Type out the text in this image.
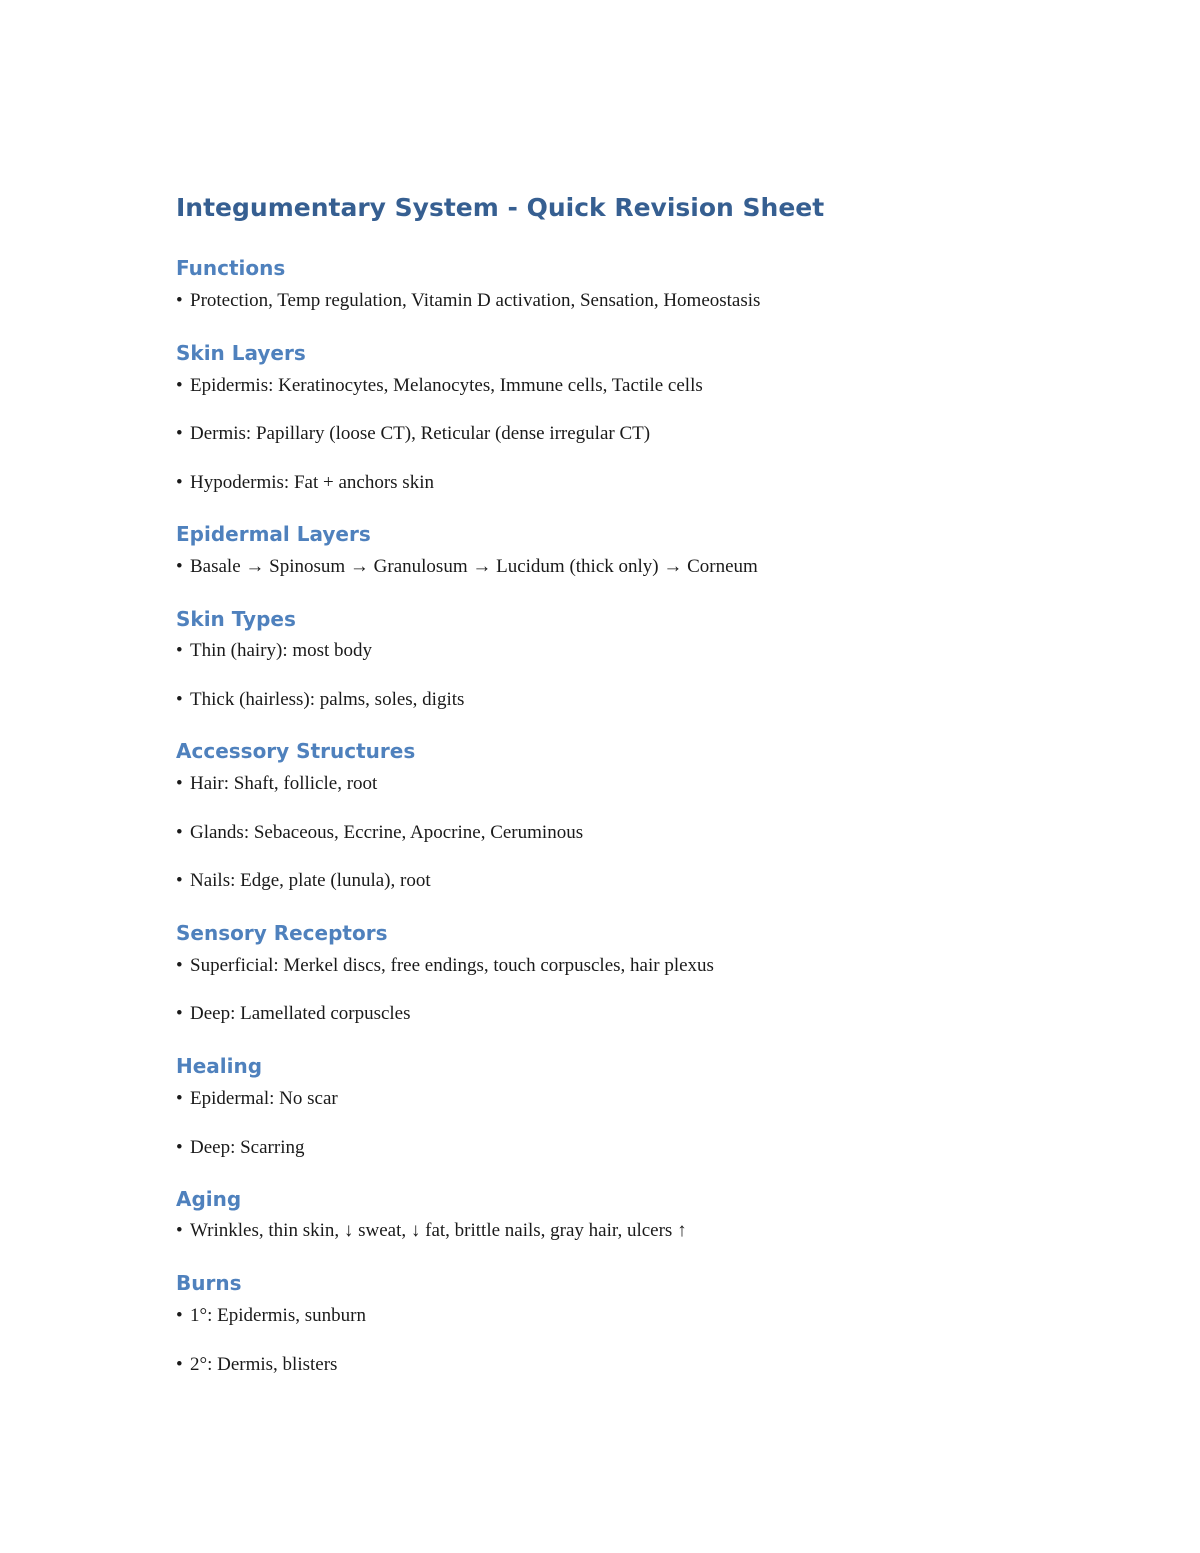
Integumentary System - Quick Revision Sheet
Functions

• Protection, Temp regulation, Vitamin D activation, Sensation, Homeostasis

Skin Layers

• Epidermis: Keratinocytes, Melanocytes, Immune cells, Tactile cells

• Dermis: Papillary (loose CT), Reticular (dense irregular CT)

• Hypodermis: Fat + anchors skin

Epidermal Layers

• Basale → Spinosum → Granulosum → Lucidum (thick only) → Corneum

Skin Types

• Thin (hairy): most body

• Thick (hairless): palms, soles, digits

Accessory Structures

• Hair: Shaft, follicle, root

• Glands: Sebaceous, Eccrine, Apocrine, Ceruminous

• Nails: Edge, plate (lunula), root

Sensory Receptors

• Superficial: Merkel discs, free endings, touch corpuscles, hair plexus

• Deep: Lamellated corpuscles

Healing

• Epidermal: No scar

• Deep: Scarring

Aging

• Wrinkles, thin skin, ↓ sweat, ↓ fat, brittle nails, gray hair, ulcers ↑

Burns

• 1°: Epidermis, sunburn

• 2°: Dermis, blisters
